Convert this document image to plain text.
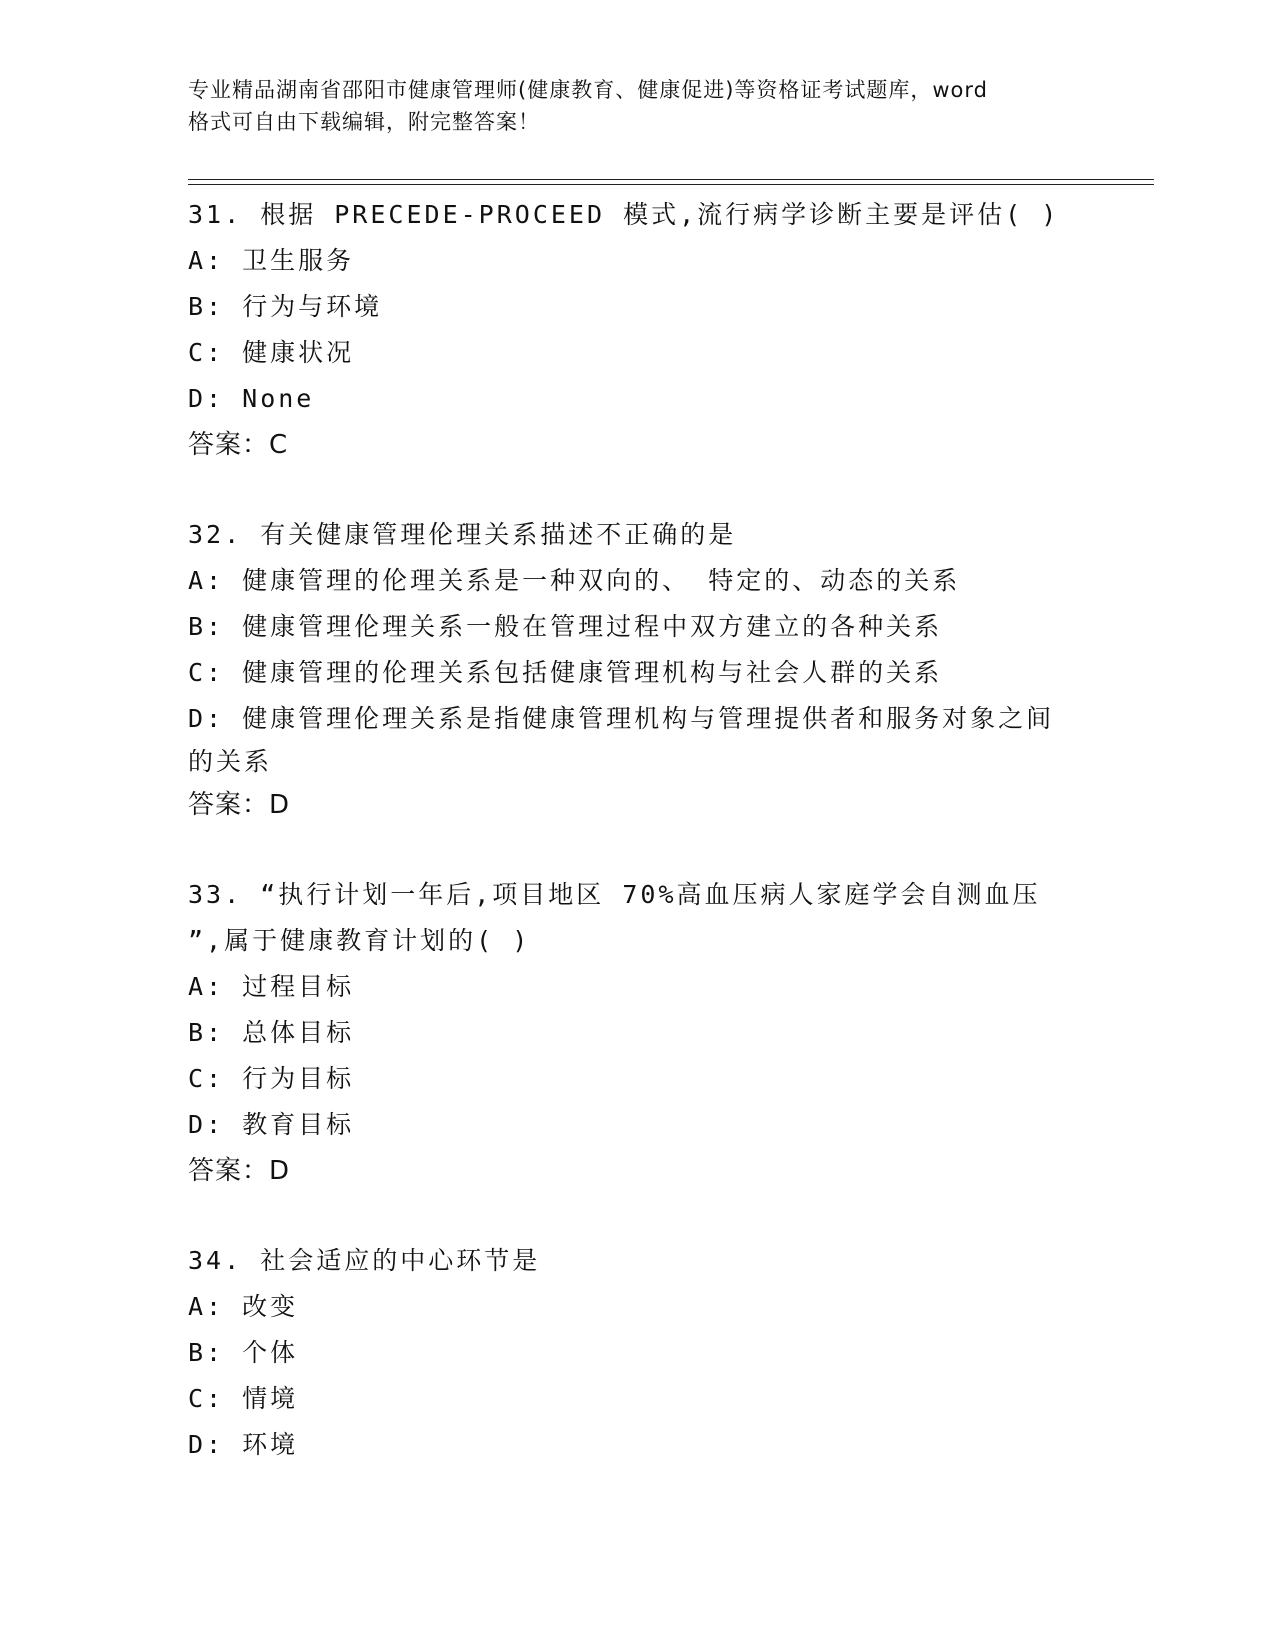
专业精品湖南省邵阳市健康管理师(健康教育、健康促进)等资格证考试题库，word
格式可自由下载编辑，附完整答案！
31. 根据 PRECEDE-PROCEED 模式,流行病学诊断主要是评估( )
A: 卫生服务
B: 行为与环境
C: 健康状况
D: None
答案：C
32. 有关健康管理伦理关系描述不正确的是
A: 健康管理的伦理关系是一种双向的、 特定的、动态的关系
B: 健康管理伦理关系一般在管理过程中双方建立的各种关系
C: 健康管理的伦理关系包括健康管理机构与社会人群的关系
D: 健康管理伦理关系是指健康管理机构与管理提供者和服务对象之间
的关系
答案：D
33. “执行计划一年后,项目地区 70%高血压病人家庭学会自测血压
”,属于健康教育计划的( )
A: 过程目标
B: 总体目标
C: 行为目标
D: 教育目标
答案：D
34. 社会适应的中心环节是
A: 改变
B: 个体
C: 情境
D: 环境
